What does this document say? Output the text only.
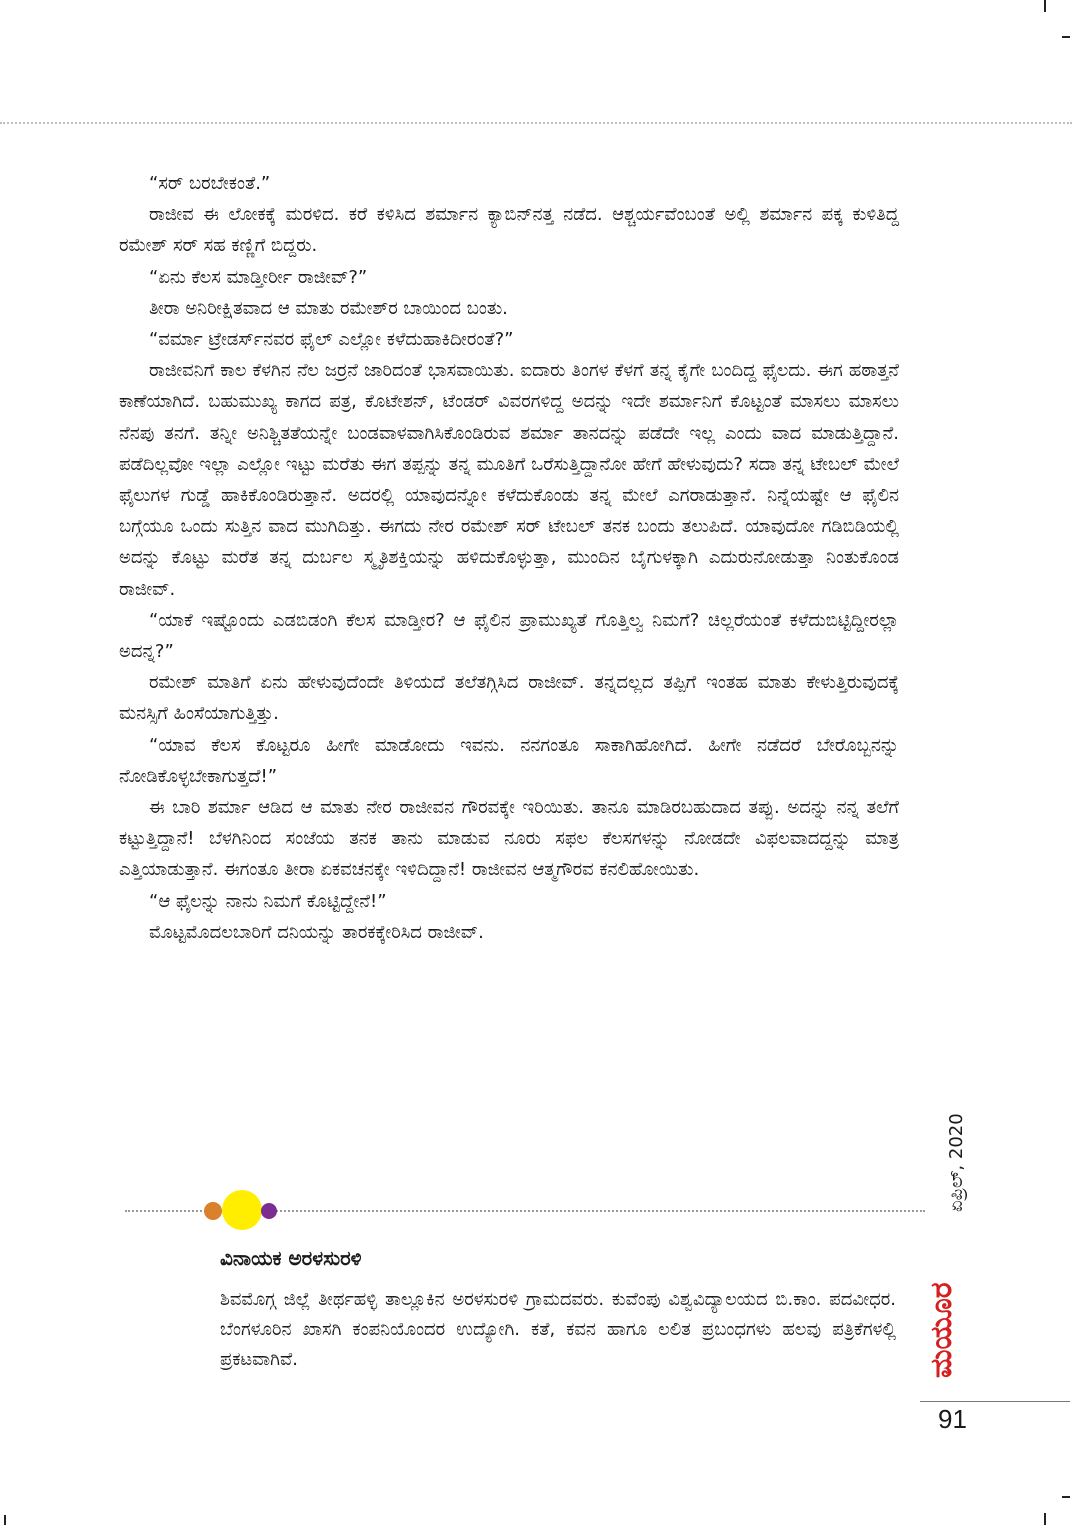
“ಸರ್ ಬರಬೇಕಂತೆ.”

ರಾಜೀವ ಈ ಲೋಕಕ್ಕೆ ಮರಳಿದ. ಕರೆ ಕಳಿಸಿದ ಶರ್ಮಾನ ಕ್ಯಾಬಿನ್‌ನತ್ತ ನಡೆದ. ಆಶ್ಚರ್ಯವೆಂಬಂತೆ ಅಲ್ಲಿ ಶರ್ಮಾನ ಪಕ್ಕ ಕುಳಿತಿದ್ದ ರಮೇಶ್ ಸರ್ ಸಹ ಕಣ್ಣಿಗೆ ಬಿದ್ದರು.

“ಏನು ಕೆಲಸ ಮಾಡ್ತೀರ್ರೀ ರಾಜೀವ್?”

ತೀರಾ ಅನಿರೀಕ್ಷಿತವಾದ ಆ ಮಾತು ರಮೇಶ್‌ರ ಬಾಯಿಂದ ಬಂತು.

“ವರ್ಮಾ ಟ್ರೇಡರ್ಸ್‌ನವರ ಫೈಲ್ ಎಲ್ಲೋ ಕಳೆದುಹಾಕಿದೀರಂತೆ?”

ರಾಜೀವನಿಗೆ ಕಾಲ ಕೆಳಗಿನ ನೆಲ ಜರ್ರನೆ ಜಾರಿದಂತೆ ಭಾಸವಾಯಿತು. ಐದಾರು ತಿಂಗಳ ಕೆಳಗೆ ತನ್ನ ಕೈಗೇ ಬಂದಿದ್ದ ಫೈಲದು. ಈಗ ಹಠಾತ್ತನೆ ಕಾಣೆಯಾಗಿದೆ. ಬಹುಮುಖ್ಯ ಕಾಗದ ಪತ್ರ, ಕೊಟೇಶನ್, ಟೆಂಡರ್ ವಿವರಗಳಿದ್ದ ಅದನ್ನು ಇದೇ ಶರ್ಮಾನಿಗೆ ಕೊಟ್ಟಂತೆ ಮಾಸಲು ಮಾಸಲು ನೆನಪು ತನಗೆ. ತನ್ನೀ ಅನಿಶ್ಚಿತತೆಯನ್ನೇ ಬಂಡವಾಳವಾಗಿಸಿಕೊಂಡಿರುವ ಶರ್ಮಾ ತಾನದನ್ನು ಪಡೆದೇ ಇಲ್ಲ ಎಂದು ವಾದ ಮಾಡುತ್ತಿದ್ದಾನೆ. ಪಡೆದಿಲ್ಲವೋ ಇಲ್ಲಾ ಎಲ್ಲೋ ಇಟ್ಟು ಮರೆತು ಈಗ ತಪ್ಪನ್ನು ತನ್ನ ಮೂತಿಗೆ ಒರೆಸುತ್ತಿದ್ದಾನೋ ಹೇಗೆ ಹೇಳುವುದು? ಸದಾ ತನ್ನ ಟೇಬಲ್ ಮೇಲೆ ಫೈಲುಗಳ ಗುಡ್ಡೆ ಹಾಕಿಕೊಂಡಿರುತ್ತಾನೆ. ಅದರಲ್ಲಿ ಯಾವುದನ್ನೋ ಕಳೆದುಕೊಂಡು ತನ್ನ ಮೇಲೆ ಎಗರಾಡುತ್ತಾನೆ. ನಿನ್ನೆಯಷ್ಟೇ ಆ ಫೈಲಿನ ಬಗ್ಗೆಯೂ ಒಂದು ಸುತ್ತಿನ ವಾದ ಮುಗಿದಿತ್ತು. ಈಗದು ನೇರ ರಮೇಶ್ ಸರ್ ಟೇಬಲ್ ತನಕ ಬಂದು ತಲುಪಿದೆ. ಯಾವುದೋ ಗಡಿಬಿಡಿಯಲ್ಲಿ ಅದನ್ನು ಕೊಟ್ಟು ಮರೆತ ತನ್ನ ದುರ್ಬಲ ಸ್ಮೃತಿಶಕ್ತಿಯನ್ನು ಹಳಿದುಕೊಳ್ಳುತ್ತಾ, ಮುಂದಿನ ಬೈಗುಳಕ್ಕಾಗಿ ಎದುರುನೋಡುತ್ತಾ ನಿಂತುಕೊಂಡ ರಾಜೀವ್.

“ಯಾಕೆ ಇಷ್ಟೊಂದು ಎಡಬಿಡಂಗಿ ಕೆಲಸ ಮಾಡ್ತೀರ? ಆ ಫೈಲಿನ ಪ್ರಾಮುಖ್ಯತೆ ಗೊತ್ತಿಲ್ವ ನಿಮಗೆ? ಚಿಲ್ಲರೆಯಂತೆ ಕಳೆದುಬಿಟ್ಟಿದ್ದೀರಲ್ಲಾ ಅದನ್ನ?”

ರಮೇಶ್ ಮಾತಿಗೆ ಏನು ಹೇಳುವುದೆಂದೇ ತಿಳಿಯದೆ ತಲೆತಗ್ಗಿಸಿದ ರಾಜೀವ್. ತನ್ನದಲ್ಲದ ತಪ್ಪಿಗೆ ಇಂತಹ ಮಾತು ಕೇಳುತ್ತಿರುವುದಕ್ಕೆ ಮನಸ್ಸಿಗೆ ಹಿಂಸೆಯಾಗುತ್ತಿತ್ತು.

“ಯಾವ ಕೆಲಸ ಕೊಟ್ಟರೂ ಹೀಗೇ ಮಾಡೋದು ಇವನು. ನನಗಂತೂ ಸಾಕಾಗಿಹೋಗಿದೆ. ಹೀಗೇ ನಡೆದರೆ ಬೇರೊಬ್ಬನನ್ನು ನೋಡಿಕೊಳ್ಳಬೇಕಾಗುತ್ತದೆ!”

ಈ ಬಾರಿ ಶರ್ಮಾ ಆಡಿದ ಆ ಮಾತು ನೇರ ರಾಜೀವನ ಗೌರವಕ್ಕೇ ಇರಿಯಿತು. ತಾನೂ ಮಾಡಿರಬಹುದಾದ ತಪ್ಪು. ಅದನ್ನು ನನ್ನ ತಲೆಗೆ ಕಟ್ಟುತ್ತಿದ್ದಾನೆ! ಬೆಳಗಿನಿಂದ ಸಂಜೆಯ ತನಕ ತಾನು ಮಾಡುವ ನೂರು ಸಫಲ ಕೆಲಸಗಳನ್ನು ನೋಡದೇ ವಿಫಲವಾದದ್ದನ್ನು ಮಾತ್ರ ಎತ್ತಿಯಾಡುತ್ತಾನೆ. ಈಗಂತೂ ತೀರಾ ಏಕವಚನಕ್ಕೇ ಇಳಿದಿದ್ದಾನೆ! ರಾಜೀವನ ಆತ್ಮಗೌರವ ಕನಲಿಹೋಯಿತು.

“ಆ ಫೈಲನ್ನು ನಾನು ನಿಮಗೆ ಕೊಟ್ಟಿದ್ದೇನೆ!”

ಮೊಟ್ಟಮೊದಲಬಾರಿಗೆ ದನಿಯನ್ನು ತಾರಕಕ್ಕೇರಿಸಿದ ರಾಜೀವ್.

ವಿನಾಯಕ ಅರಳಸುರಳಿ

ಶಿವಮೊಗ್ಗ ಜಿಲ್ಲೆ ತೀರ್ಥಹಳ್ಳಿ ತಾಲ್ಲೂಕಿನ ಅರಳಸುರಳಿ ಗ್ರಾಮದವರು. ಕುವೆಂಪು ವಿಶ್ವವಿದ್ಯಾಲಯದ ಬಿ.ಕಾಂ. ಪದವೀಧರ. ಬೆಂಗಳೂರಿನ ಖಾಸಗಿ ಕಂಪನಿಯೊಂದರ ಉದ್ಯೋಗಿ. ಕತೆ, ಕವನ ಹಾಗೂ ಲಲಿತ ಪ್ರಬಂಧಗಳು ಹಲವು ಪತ್ರಿಕೆಗಳಲ್ಲಿ ಪ್ರಕಟವಾಗಿವೆ.

ಏಪ್ರಿಲ್, 2020
ಮಯೂರ
91
